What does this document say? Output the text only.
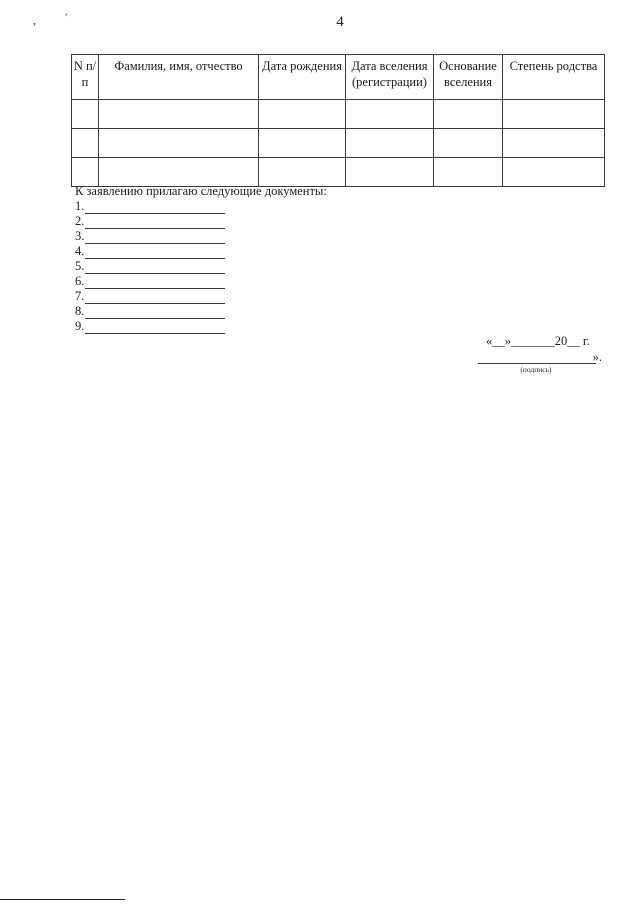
, ′	4
N п/п	Фамилия, имя, отчество	Дата рождения	Дата вселения (регистрации)	Основание вселения	Степень родства

К заявлению прилагаю следующие документы:

1.
2.
3.
4.
5.
6.
7.
8.
9.
«__»_______20__ г.
».
(подпись)
